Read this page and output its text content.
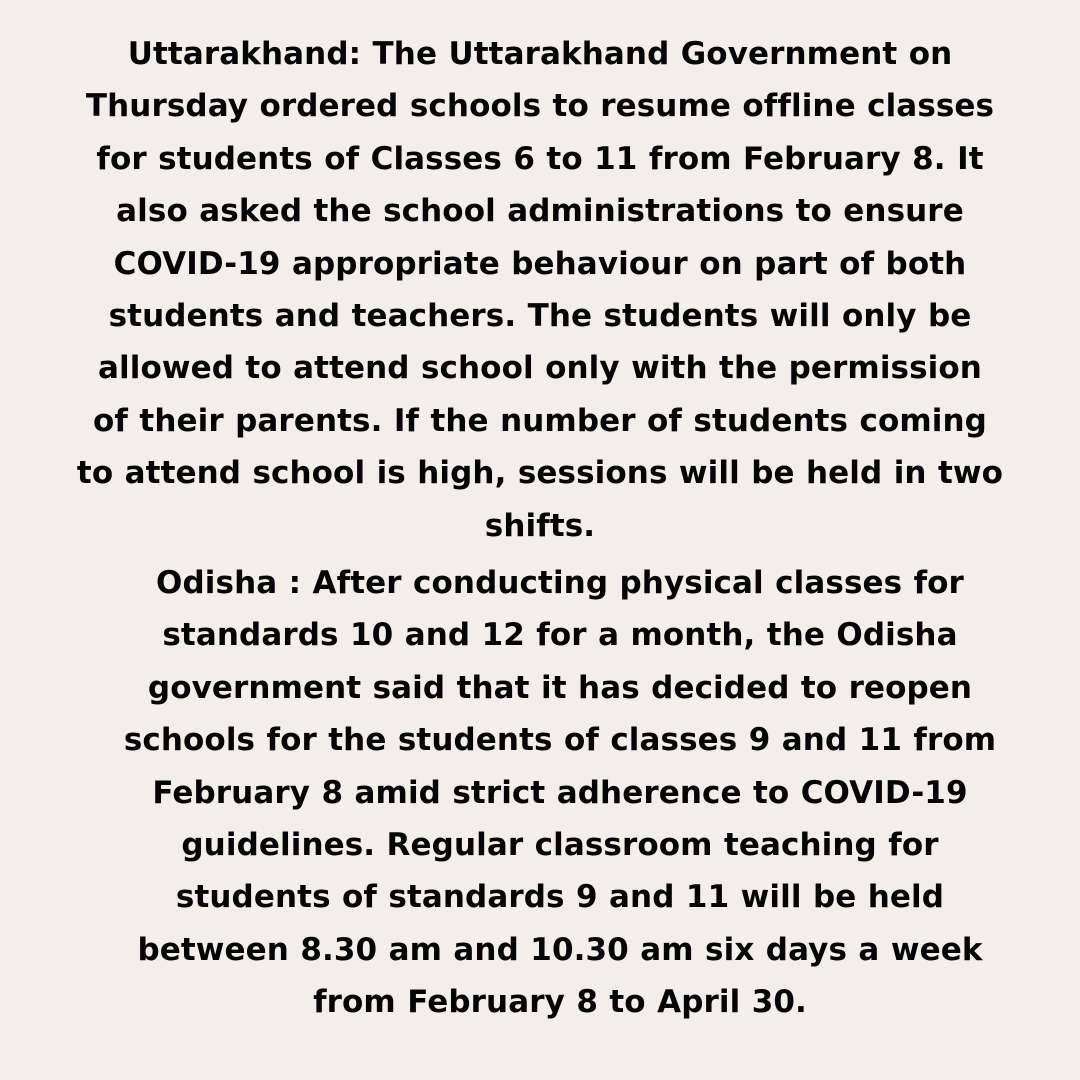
Uttarakhand: The Uttarakhand Government on
Thursday ordered schools to resume offline classes
for students of Classes 6 to 11 from February 8. It
also asked the school administrations to ensure
COVID-19 appropriate behaviour on part of both
students and teachers. The students will only be
allowed to attend school only with the permission
of their parents. If the number of students coming
to attend school is high, sessions will be held in two
shifts.

Odisha : After conducting physical classes for
standards 10 and 12 for a month, the Odisha
government said that it has decided to reopen
schools for the students of classes 9 and 11 from
February 8 amid strict adherence to COVID-19
guidelines. Regular classroom teaching for
students of standards 9 and 11 will be held
between 8.30 am and 10.30 am six days a week
from February 8 to April 30.
